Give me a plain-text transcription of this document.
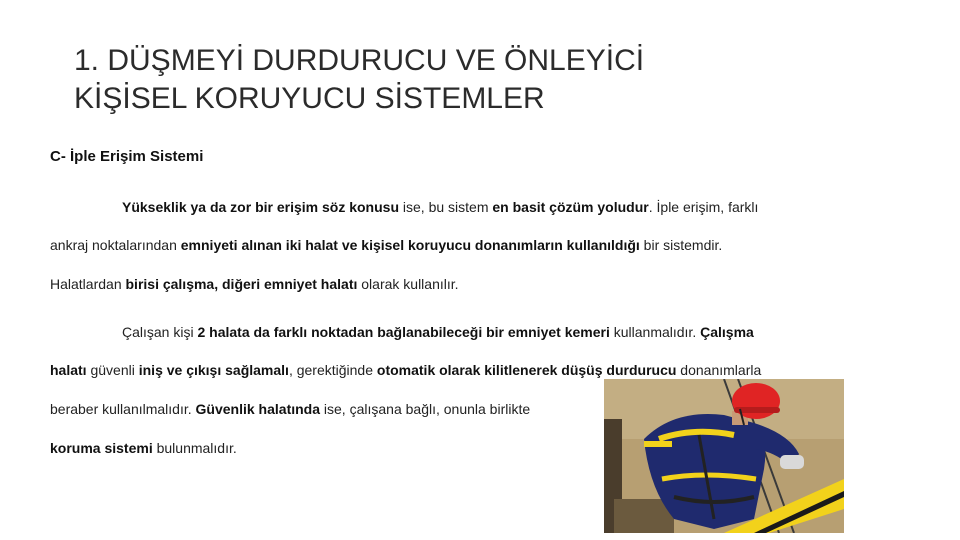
1. DÜŞMEYİ DURDURUCU VE ÖNLEYİCİ
KİŞİSEL KORUYUCU SİSTEMLER
C- İple Erişim Sistemi
Yükseklik ya da zor bir erişim söz konusu ise, bu sistem en basit çözüm yoludur. İple erişim, farklı
ankraj noktalarından emniyeti alınan iki halat ve kişisel koruyucu donanımların kullanıldığı bir sistemdir.
Halatlardan birisi çalışma, diğeri emniyet halatı olarak kullanılır.
Çalışan kişi 2 halata da farklı noktadan bağlanabileceği bir emniyet kemeri kullanmalıdır. Çalışma
halatı güvenli iniş ve çıkışı sağlamalı, gerektiğinde otomatik olarak kilitlenerek düşüş durdurucu donanımlarla
beraber kullanılmalıdır. Güvenlik halatında ise, çalışana bağlı, onunla birlikte
koruma sistemi bulunmalıdır.
